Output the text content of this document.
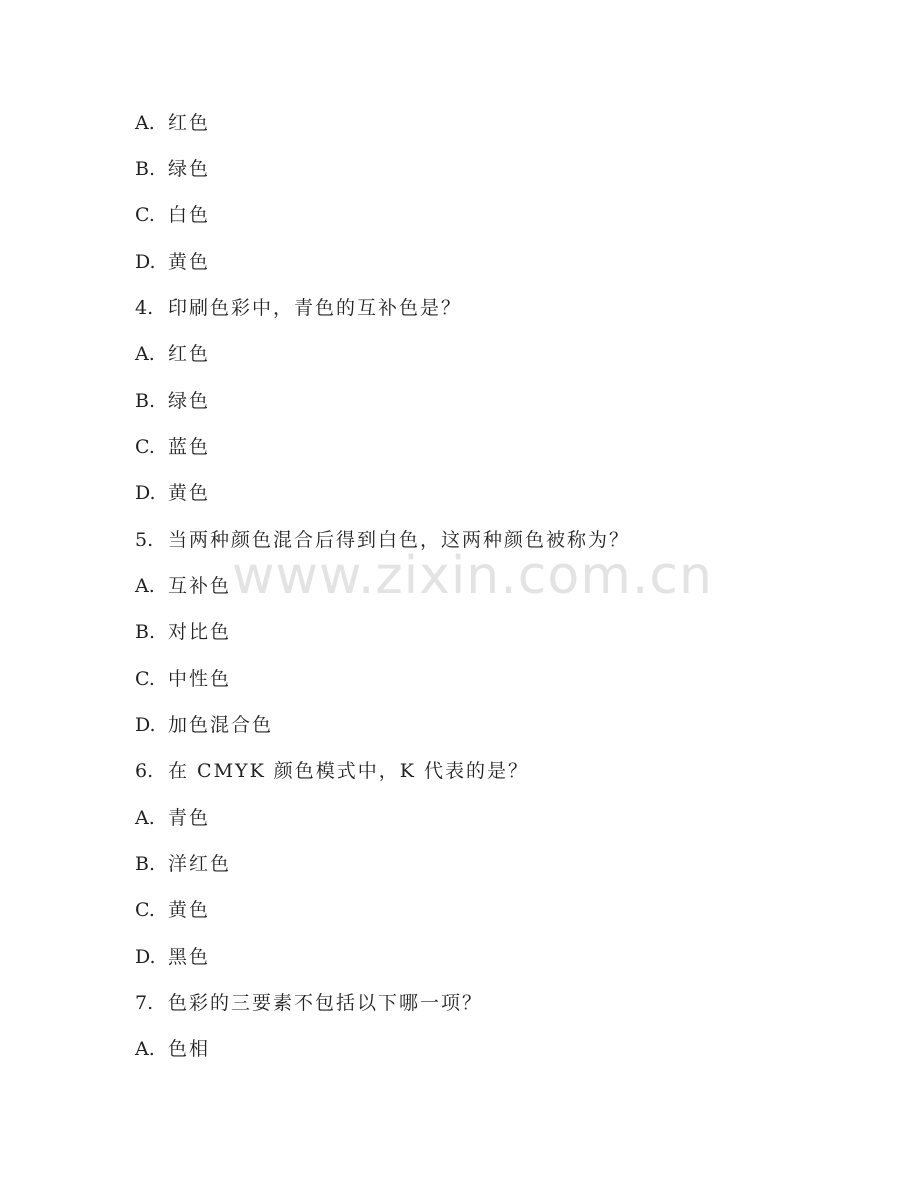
A. 红色
B. 绿色
C. 白色
D. 黄色
4. 印刷色彩中，青色的互补色是？
A. 红色
B. 绿色
C. 蓝色
D. 黄色
5. 当两种颜色混合后得到白色，这两种颜色被称为？
A. 互补色
B. 对比色
C. 中性色
D. 加色混合色
6. 在 CMYK 颜色模式中，K 代表的是？
A. 青色
B. 洋红色
C. 黄色
D. 黑色
7. 色彩的三要素不包括以下哪一项？
A. 色相
www.zixin.com.cn
